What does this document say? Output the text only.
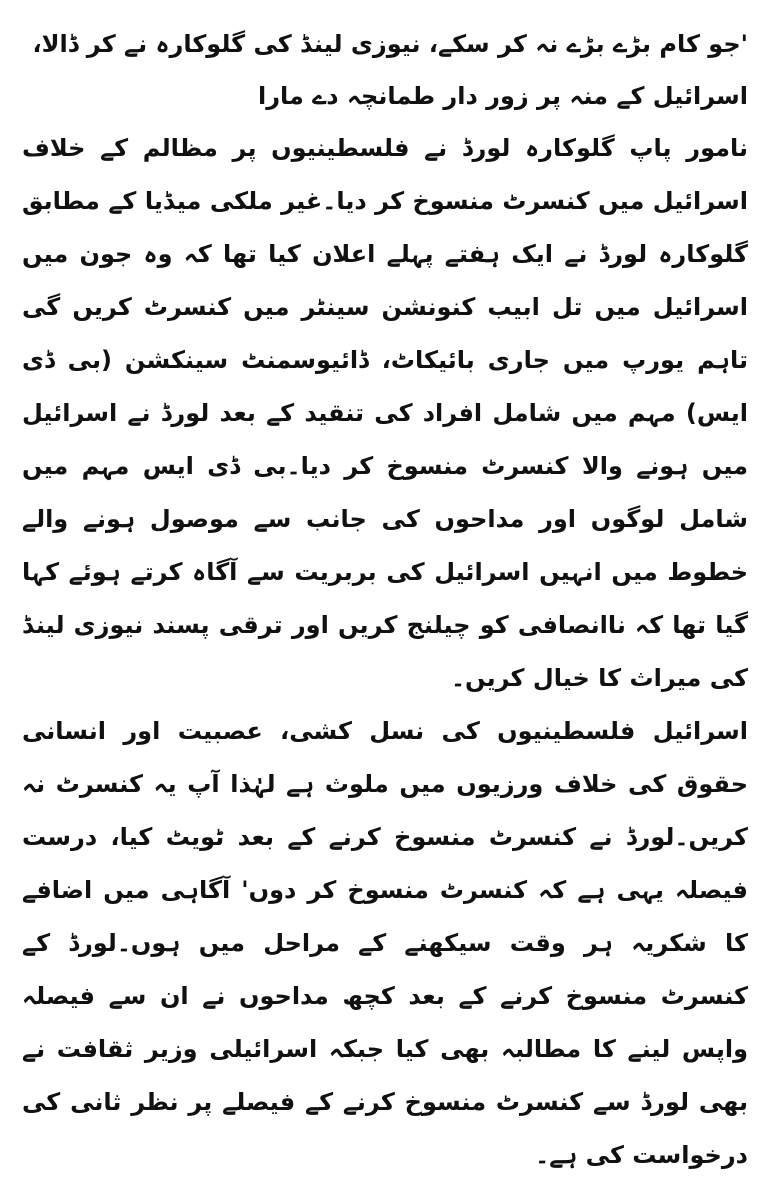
'جو کام بڑے بڑے نہ کر سکے، نیوزی لینڈ کی گلوکارہ نے کر ڈالا، اسرائیل کے منہ پر زور دار طمانچہ دے مارا

نامور پاپ گلوکارہ لورڈ نے فلسطینیوں پر مظالم کے خلاف اسرائیل میں کنسرٹ منسوخ کر دیا۔غیر ملکی میڈیا کے مطابق گلوکارہ لورڈ نے ایک ہفتے پہلے اعلان کیا تھا کہ وہ جون میں اسرائیل میں تل ابیب کنونشن سینٹر میں کنسرٹ کریں گی تاہم یورپ میں جاری بائیکاٹ، ڈائیوسمنٹ سینکشن (بی ڈی ایس) مہم میں شامل افراد کی تنقید کے بعد لورڈ نے اسرائیل میں ہونے والا کنسرٹ منسوخ کر دیا۔بی ڈی ایس مہم میں شامل لوگوں اور مداحوں کی جانب سے موصول ہونے والے خطوط میں انہیں اسرائیل کی بربریت سے آگاہ کرتے ہوئے کہا گیا تھا کہ ناانصافی کو چیلنج کریں اور ترقی پسند نیوزی لینڈ کی میراث کا خیال کریں۔

اسرائیل فلسطینیوں کی نسل کشی، عصبیت اور انسانی حقوق کی خلاف ورزیوں میں ملوث ہے لہٰذا آپ یہ کنسرٹ نہ کریں۔لورڈ نے کنسرٹ منسوخ کرنے کے بعد ٹویٹ کیا، درست فیصلہ یہی ہے کہ کنسرٹ منسوخ کر دوں' آگاہی میں اضافے کا شکریہ ہر وقت سیکھنے کے مراحل میں ہوں۔لورڈ کے کنسرٹ منسوخ کرنے کے بعد کچھ مداحوں نے ان سے فیصلہ واپس لینے کا مطالبہ بھی کیا جبکہ اسرائیلی وزیر ثقافت نے بھی لورڈ سے کنسرٹ منسوخ کرنے کے فیصلے پر نظر ثانی کی درخواست کی ہے۔
